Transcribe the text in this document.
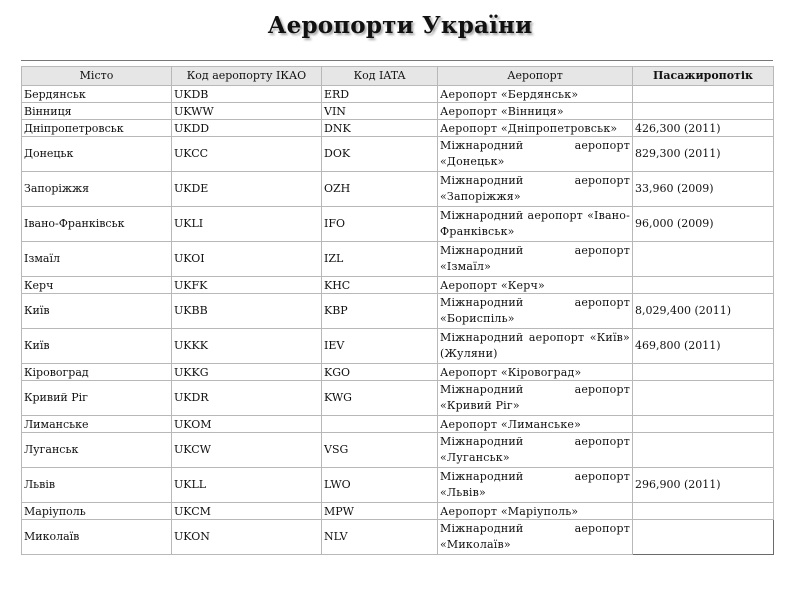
Аеропорти України
Місто	Код аеропорту ІКАО	Код IATA	Аеропорт	Пасажиропотік
Бердянськ	UKDB	ERD	Аеропорт «Бердянськ»	
Вінниця	UKWW	VIN	Аеропорт «Вінниця»	
Дніпропетровськ	UKDD	DNK	Аеропорт «Дніпропетровськ»	426,300 (2011)
Донецьк	UKCC	DOK	Міжнародний аеропорт «Донецьк»	829,300 (2011)
Запоріжжя	UKDE	OZH	Міжнародний аеропорт «Запоріжжя»	33,960 (2009)
Івано-Франківськ	UKLI	IFO	Міжнародний аеропорт «Івано-Франківськ»	96,000 (2009)
Ізмаїл	UKOI	IZL	Міжнародний аеропорт «Ізмаїл»	
Керч	UKFK	KHC	Аеропорт «Керч»	
Київ	UKBB	KBP	Міжнародний аеропорт «Бориспіль»	8,029,400 (2011)
Київ	UKKK	IEV	Міжнародний аеропорт «Київ» (Жуляни)	469,800 (2011)
Кіровоград	UKKG	KGO	Аеропорт «Кіровоград»	
Кривий Ріг	UKDR	KWG	Міжнародний аеропорт «Кривий Ріг»	
Лиманське	UKOM		Аеропорт «Лиманське»	
Луганськ	UKCW	VSG	Міжнародний аеропорт «Луганськ»	
Львів	UKLL	LWO	Міжнародний аеропорт «Львів»	296,900 (2011)
Маріуполь	UKCM	MPW	Аеропорт «Маріуполь»	
Миколаїв	UKON	NLV	Міжнародний аеропорт «Миколаїв»	
